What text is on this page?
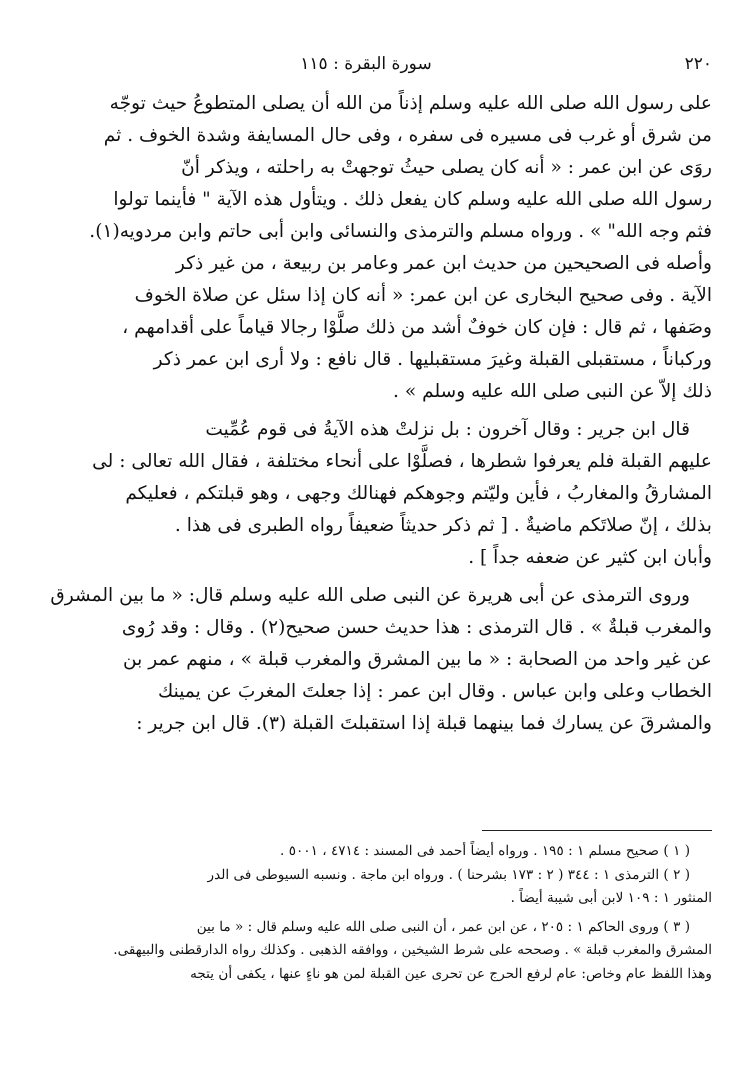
٢٢٠
سورة البقرة : ١١٥

على رسول الله صلى الله عليه وسلم إذناً من الله أن يصلى المتطوعُ حيث توجّه

من شرق أو غرب فى مسيره فى سفره ، وفى حال المسايفة وشدة الخوف . ثم

روَى عن ابن عمر : « أنه كان يصلى حيثُ توجهتْ به راحلته ، ويذكر أنّ

رسول الله صلى الله عليه وسلم كان يفعل ذلك . ويتأول هذه الآية " فأينما تولوا

فثم وجه الله" » . ورواه مسلم والترمذى والنسائى وابن أبى حاتم وابن مردويه(١).

وأصله فى الصحيحين من حديث ابن عمر وعامر بن ربيعة ، من غير ذكر

الآية . وفى صحيح البخارى عن ابن عمر: « أنه كان إذا سئل عن صلاة الخوف

وصَفها ، ثم قال : فإن كان خوفٌ أشد من ذلك صلَّوْا رجالا قياماً على أقدامهم ،

وركباناً ، مستقبلى القبلة وغيرَ مستقبليها . قال نافع : ولا أرى ابن عمر ذكر

ذلك إلاّ عن النبى صلى الله عليه وسلم » .

قال ابن جرير : وقال آخرون : بل نزلتْ هذه الآيةُ فى قوم عُمِّيت

عليهم القبلة فلم يعرفوا شطرها ، فصلَّوْا على أنحاء مختلفة ، فقال الله تعالى : لى

المشارقُ والمغاربُ ، فأين وليّتم وجوهكم فهنالك وجهى ، وهو قبلتكم ، فعليكم

بذلك ، إنّ صلاتَكم ماضيةٌ . [ ثم ذكر حديثاً ضعيفاً رواه الطبرى فى هذا .

وأبان ابن كثير عن ضعفه جداً ] .

وروى الترمذى عن أبى هريرة عن النبى صلى الله عليه وسلم قال: « ما بين المشرق

والمغرب قبلةٌ » . قال الترمذى : هذا حديث حسن صحيح(٢) . وقال : وقد رُوى

عن غير واحد من الصحابة : « ما بين المشرق والمغرب قبلة » ، منهم عمر بن

الخطاب وعلى وابن عباس . وقال ابن عمر : إذا جعلتَ المغربَ عن يمينك

والمشرقَ عن يسارك فما بينهما قبلة إذا استقبلتَ القبلة (٣). قال ابن جرير :

( ١ ) صحيح مسلم ١ : ١٩٥ . ورواه أيضاً أحمد فى المسند : ٤٧١٤ ، ٥٠٠١ .

( ٢ ) الترمذى ١ : ٣٤٤ ( ٢ : ١٧٣ بشرحنا ) . ورواه ابن ماجة . ونسبه السيوطى فى الدر

المنثور ١ : ١٠٩ لابن أبى شيبة أيضاً .

( ٣ ) وروى الحاكم ١ : ٢٠٥ ، عن ابن عمر ، أن النبى صلى الله عليه وسلم قال : « ما بين

المشرق والمغرب قبلة » . وصححه على شرط الشيخين ، ووافقه الذهبى . وكذلك رواه الدارقطنى والبيهقى.

وهذا اللفظ عام وخاص: عام لرفع الحرج عن تحرى عين القبلة لمن هو ناءٍ عنها ، يكفى أن يتجه
